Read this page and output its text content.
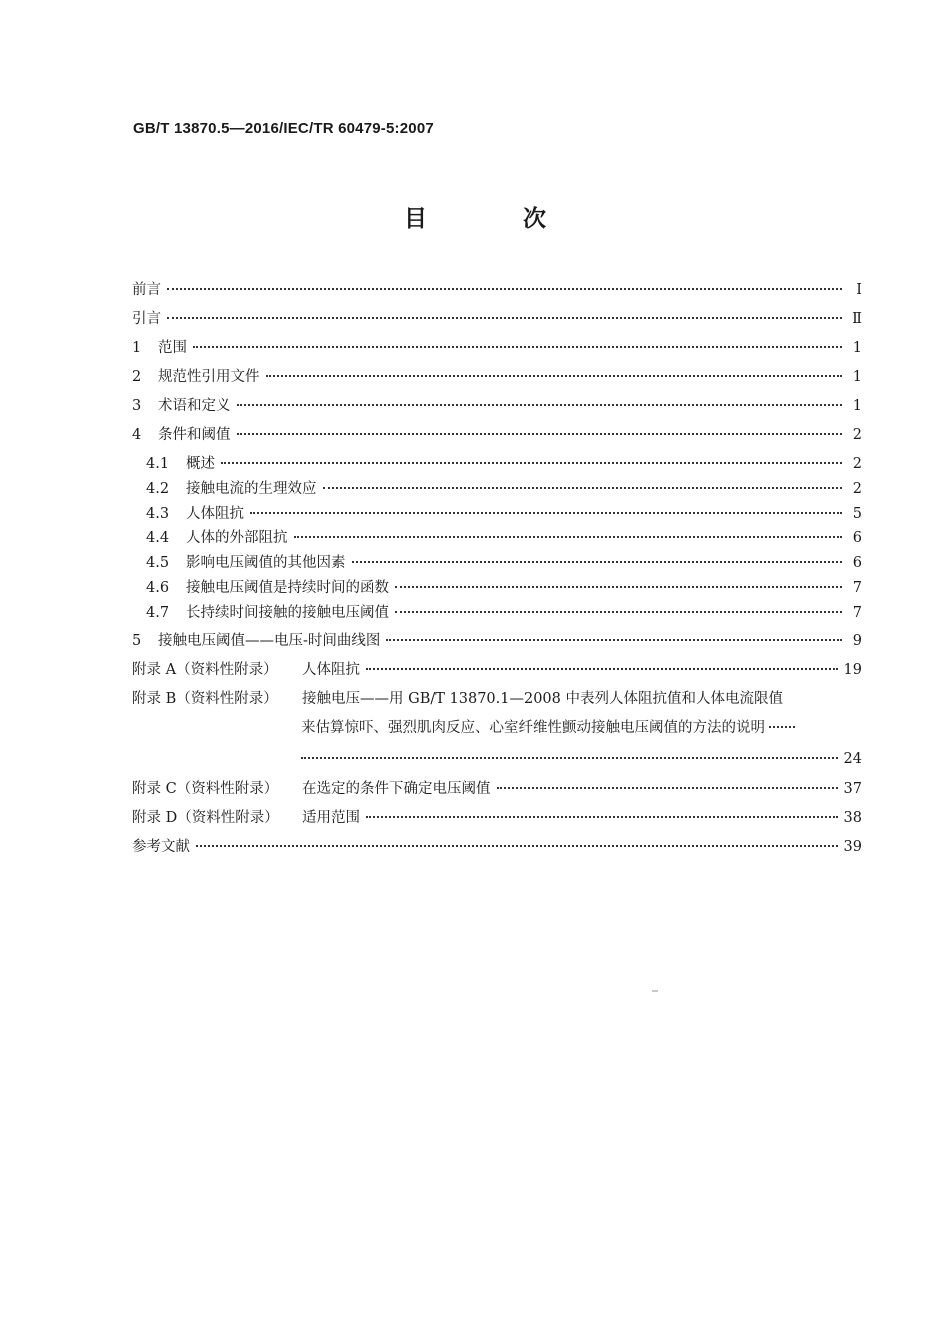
GB/T 13870.5—2016/IEC/TR 60479-5:2007
目 次
前言	Ⅰ
引言	Ⅱ
1	范围	1
2	规范性引用文件	1
3	术语和定义	1
4	条件和阈值	2
4.1	概述	2
4.2	接触电流的生理效应	2
4.3	人体阻抗	5
4.4	人体的外部阻抗	6
4.5	影响电压阈值的其他因素	6
4.6	接触电压阈值是持续时间的函数	7
4.7	长持续时间接触的接触电压阈值	7
5	接触电压阈值——电压-时间曲线图	9
附录 A（资料性附录）	人体阻抗	19
附录 B（资料性附录）	接触电压——用 GB/T 13870.1—2008 中表列人体阻抗值和人体电流限值
来估算惊吓、强烈肌肉反应、心室纤维性颤动接触电压阈值的方法的说明
24
附录 C（资料性附录）	在选定的条件下确定电压阈值	37
附录 D（资料性附录）	适用范围	38
参考文献	39
